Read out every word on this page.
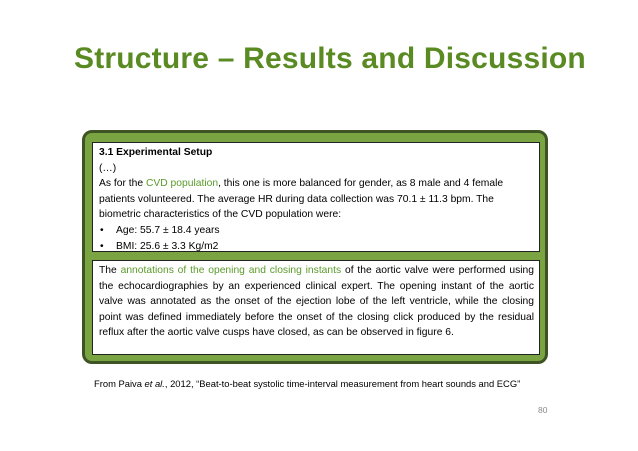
Structure – Results and Discussion
3.1 Experimental Setup
(…)
As for the CVD population, this one is more balanced for gender, as 8 male and 4 female patients volunteered. The average HR during data collection was 70.1 ± 11.3 bpm. The biometric characteristics of the CVD population were:
• Age: 55.7 ± 18.4 years
• BMI: 25.6 ± 3.3 Kg/m2
The annotations of the opening and closing instants of the aortic valve were performed using the echocardiographies by an experienced clinical expert. The opening instant of the aortic valve was annotated as the onset of the ejection lobe of the left ventricle, while the closing point was defined immediately before the onset of the closing click produced by the residual reflux after the aortic valve cusps have closed, as can be observed in figure 6.
From Paiva et al., 2012, “Beat-to-beat systolic time-interval measurement from heart sounds and ECG”
80
